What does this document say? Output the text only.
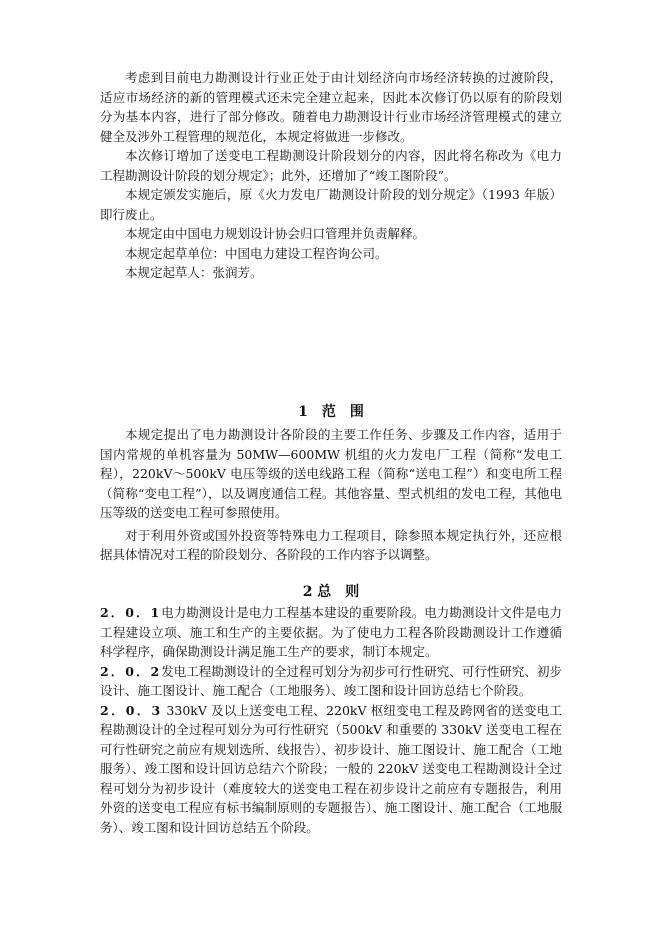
考虑到目前电力勘测设计行业正处于由计划经济向市场经济转换的过渡阶段，适应市场经济的新的管理模式还未完全建立起来，因此本次修订仍以原有的阶段划分为基本内容，进行了部分修改。随着电力勘测设计行业市场经济管理模式的建立健全及涉外工程管理的规范化，本规定将做进一步修改。

本次修订增加了送变电工程勘测设计阶段划分的内容，因此将名称改为《电力工程勘测设计阶段的划分规定》；此外，还增加了“竣工图阶段”。

本规定颁发实施后，原《火力发电厂勘测设计阶段的划分规定》（1993 年版）即行废止。

本规定由中国电力规划设计协会归口管理并负责解释。

本规定起草单位：中国电力建设工程咨询公司。

本规定起草人：张润芳。

1　范　围

本规定提出了电力勘测设计各阶段的主要工作任务、步骤及工作内容，适用于国内常规的单机容量为 50MW—600MW 机组的火力发电厂工程（简称“发电工程），220kV～500kV 电压等级的送电线路工程（简称“送电工程”）和变电所工程（简称“变电工程”），以及调度通信工程。其他容量、型式机组的发电工程，其他电压等级的送变电工程可参照使用。

对于利用外资或国外投资等特殊电力工程项目，除参照本规定执行外，还应根据具体情况对工程的阶段划分、各阶段的工作内容予以调整。

2 总　则

2．0．1电力勘测设计是电力工程基本建设的重要阶段。电力勘测设计文件是电力工程建设立项、施工和生产的主要依据。为了使电力工程各阶段勘测设计工作遵循科学程序，确保勘测设计满足施工生产的要求，制订本规定。

2．0．2发电工程勘测设计的全过程可划分为初步可行性研究、可行性研究、初步设计、施工图设计、施工配合（工地服务）、竣工图和设计回访总结七个阶段。

2．0．3 330kV 及以上送变电工程、220kV 枢纽变电工程及跨网省的送变电工程勘测设计的全过程可划分为可行性研究（500kV 和重要的 330kV 送变电工程在可行性研究之前应有规划选所、线报告）、初步设计、施工图设计、施工配合（工地服务）、竣工图和设计回访总结六个阶段；一般的 220kV 送变电工程勘测设计全过程可划分为初步设计（难度较大的送变电工程在初步设计之前应有专题报告，利用外资的送变电工程应有标书编制原则的专题报告）、施工图设计、施工配合（工地服务）、竣工图和设计回访总结五个阶段。
